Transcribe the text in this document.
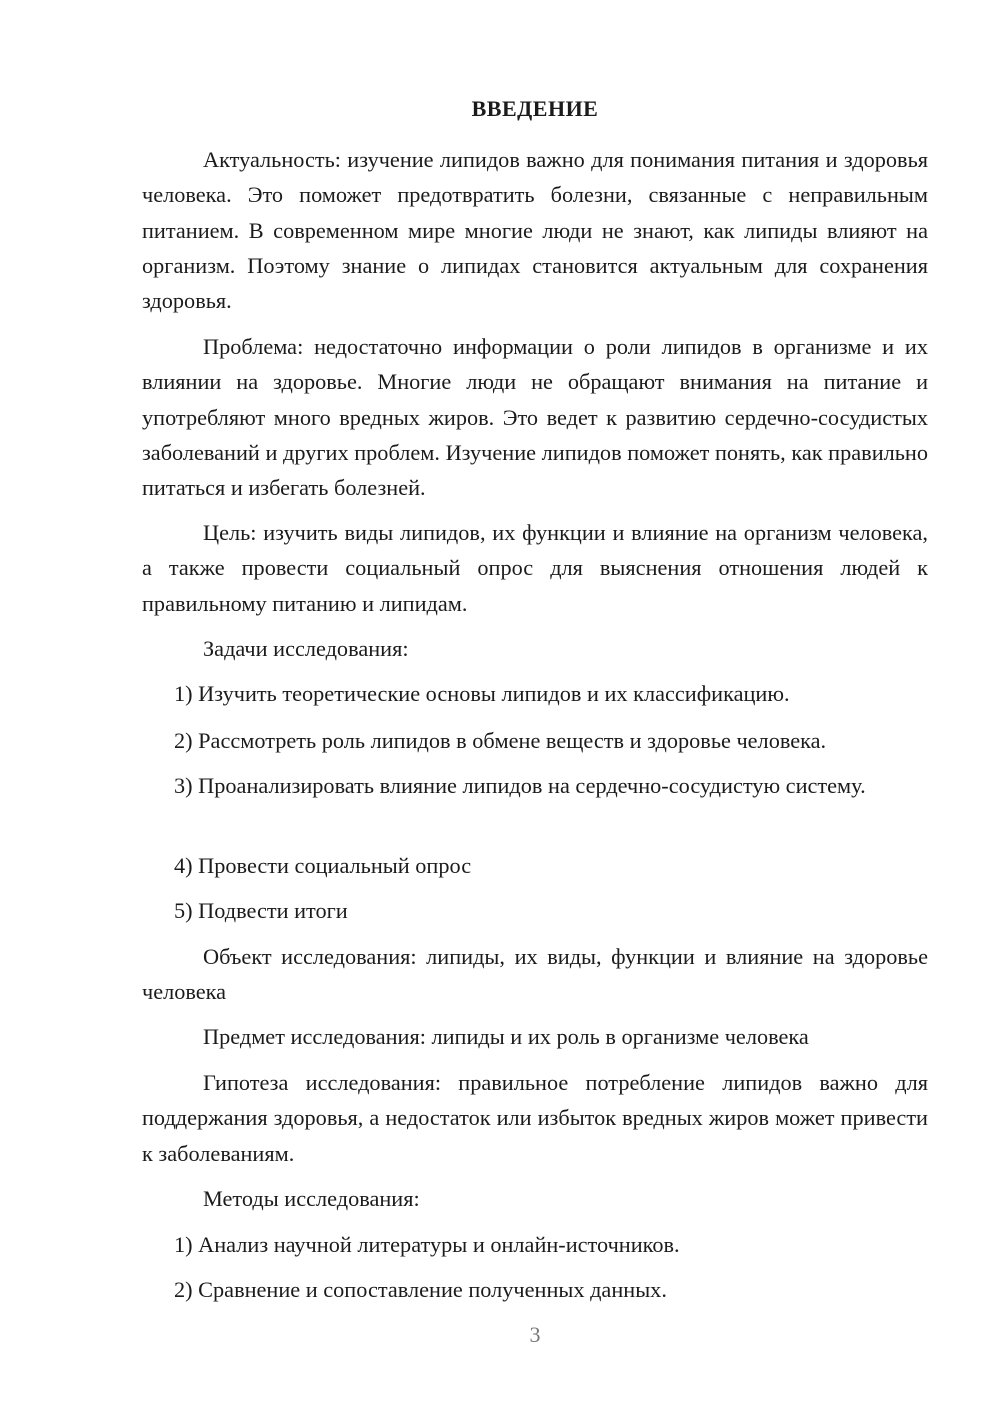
ВВЕДЕНИЕ

Актуальность: изучение липидов важно для понимания питания и здоровья человека. Это поможет предотвратить болезни, связанные с неправильным питанием. В современном мире многие люди не знают, как липиды влияют на организм. Поэтому знание о липидах становится актуальным для сохранения здоровья.

Проблема: недостаточно информации о роли липидов в организме и их влиянии на здоровье. Многие люди не обращают внимания на питание и употребляют много вредных жиров. Это ведет к развитию сердечно-сосудистых заболеваний и других проблем. Изучение липидов поможет понять, как правильно питаться и избегать болезней.

Цель: изучить виды липидов, их функции и влияние на организм человека, а также провести социальный опрос для выяснения отношения людей к правильному питанию и липидам.

Задачи исследования:

1) Изучить теоретические основы липидов и их классификацию.

2) Рассмотреть роль липидов в обмене веществ и здоровье человека.

3) Проанализировать влияние липидов на сердечно-сосудистую систему.

4) Провести социальный опрос

5) Подвести итоги

Объект исследования: липиды, их виды, функции и влияние на здоровье человека

Предмет исследования: липиды и их роль в организме человека

Гипотеза исследования: правильное потребление липидов важно для поддержания здоровья, а недостаток или избыток вредных жиров может привести к заболеваниям.

Методы исследования:

1) Анализ научной литературы и онлайн-источников.

2) Сравнение и сопоставление полученных данных.

3
